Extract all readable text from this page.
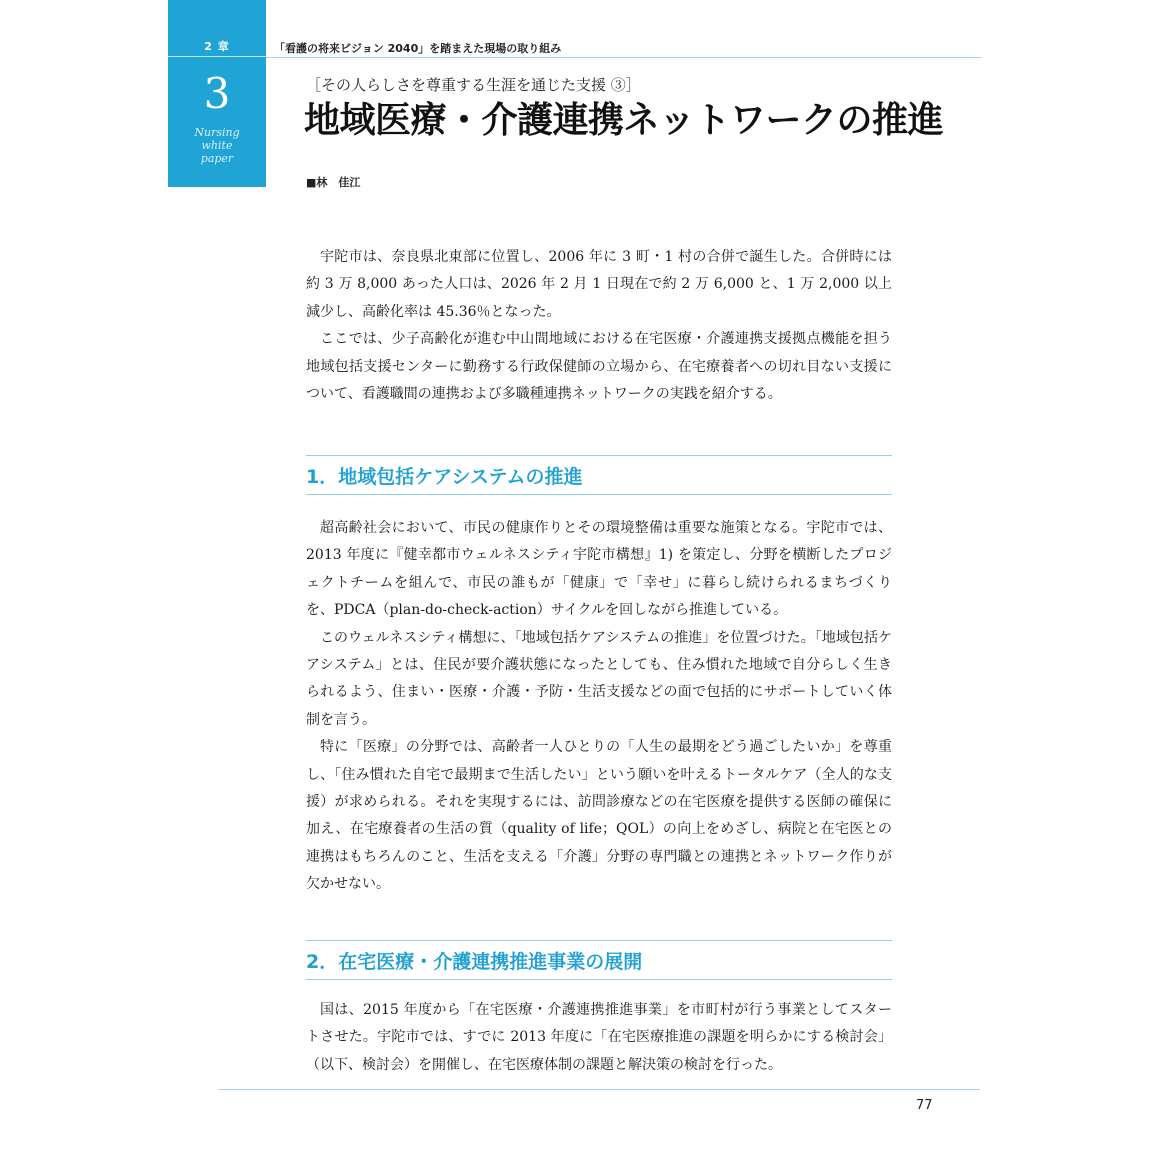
2 章
3
Nursing
white
paper
「看護の将来ビジョン 2040」を踏まえた現場の取り組み
［その人らしさを尊重する生涯を通じた支援 ③］
地域医療・介護連携ネットワークの推進
■林　佳江

宇陀市は、奈良県北東部に位置し、2006 年に 3 町・1 村の合併で誕生した。合併時には約 3 万 8,000 あった人口は、2026 年 2 月 1 日現在で約 2 万 6,000 と、1 万 2,000 以上減少し、高齢化率は 45.36％となった。

ここでは、少子高齢化が進む中山間地域における在宅医療・介護連携支援拠点機能を担う地域包括支援センターに勤務する行政保健師の立場から、在宅療養者への切れ目ない支援について、看護職間の連携および多職種連携ネットワークの実践を紹介する。

1．地域包括ケアシステムの推進

超高齢社会において、市民の健康作りとその環境整備は重要な施策となる。宇陀市では、2013 年度に『健幸都市ウェルネスシティ宇陀市構想』1) を策定し、分野を横断したプロジェクトチームを組んで、市民の誰もが「健康」で「幸せ」に暮らし続けられるまちづくりを、PDCA（plan-do-check-action）サイクルを回しながら推進している。

このウェルネスシティ構想に、「地域包括ケアシステムの推進」を位置づけた。「地域包括ケアシステム」とは、住民が要介護状態になったとしても、住み慣れた地域で自分らしく生きられるよう、住まい・医療・介護・予防・生活支援などの面で包括的にサポートしていく体制を言う。

特に「医療」の分野では、高齢者一人ひとりの「人生の最期をどう過ごしたいか」を尊重し、「住み慣れた自宅で最期まで生活したい」という願いを叶えるトータルケア（全人的な支援）が求められる。それを実現するには、訪問診療などの在宅医療を提供する医師の確保に加え、在宅療養者の生活の質（quality of life；QOL）の向上をめざし、病院と在宅医との連携はもちろんのこと、生活を支える「介護」分野の専門職との連携とネットワーク作りが欠かせない。

2．在宅医療・介護連携推進事業の展開

国は、2015 年度から「在宅医療・介護連携推進事業」を市町村が行う事業としてスタートさせた。宇陀市では、すでに 2013 年度に「在宅医療推進の課題を明らかにする検討会」（以下、検討会）を開催し、在宅医療体制の課題と解決策の検討を行った。

77
